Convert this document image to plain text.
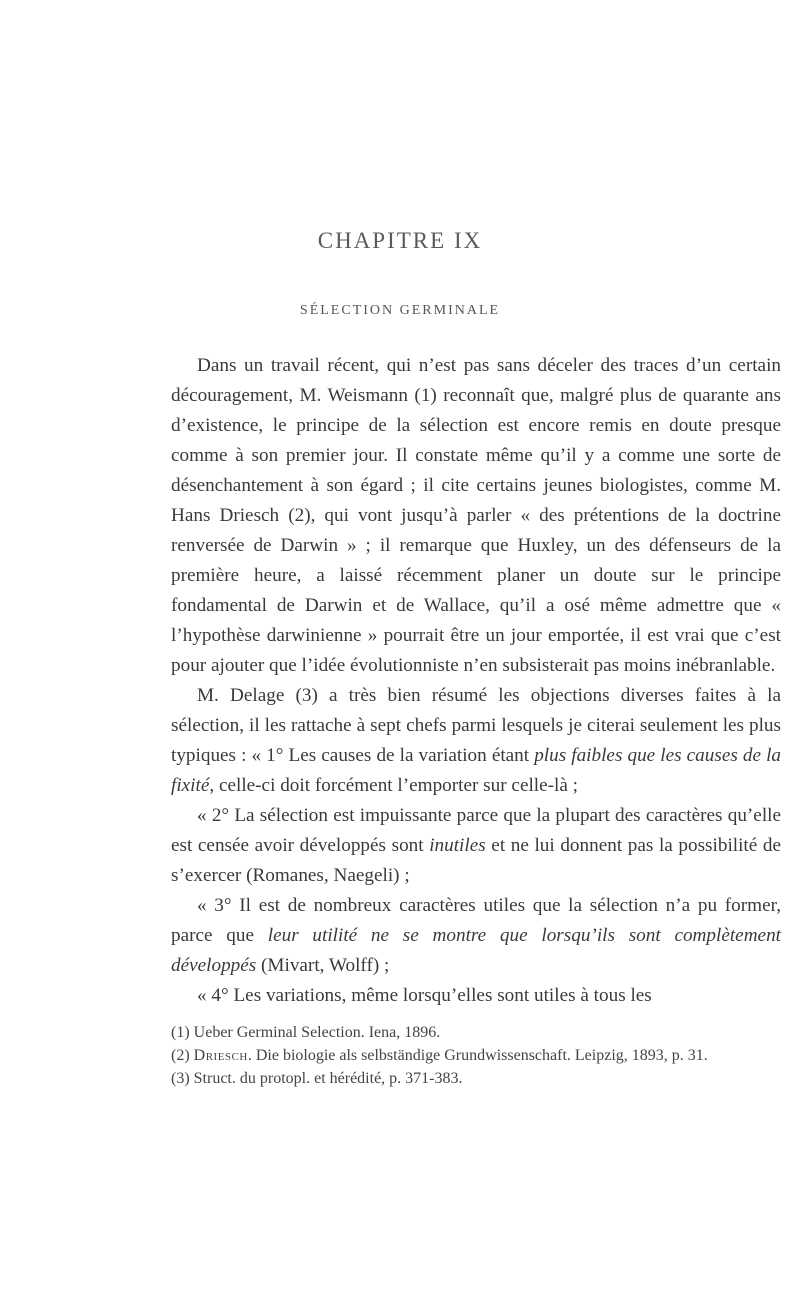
CHAPITRE IX
SÉLECTION GERMINALE

Dans un travail récent, qui n’est pas sans déceler des traces d’un certain découragement, M. Weismann (1) reconnaît que, malgré plus de quarante ans d’existence, le principe de la sélection est encore remis en doute presque comme à son premier jour. Il constate même qu’il y a comme une sorte de désenchantement à son égard ; il cite certains jeunes biologistes, comme M. Hans Driesch (2), qui vont jusqu’à parler « des prétentions de la doctrine renversée de Darwin » ; il remarque que Huxley, un des défenseurs de la première heure, a laissé récemment planer un doute sur le principe fondamental de Darwin et de Wallace, qu’il a osé même admettre que « l’hypothèse darwinienne » pourrait être un jour emportée, il est vrai que c’est pour ajouter que l’idée évolutionniste n’en subsisterait pas moins inébranlable.

M. Delage (3) a très bien résumé les objections diverses faites à la sélection, il les rattache à sept chefs parmi lesquels je citerai seulement les plus typiques : « 1° Les causes de la variation étant plus faibles que les causes de la fixité, celle-ci doit forcément l’emporter sur celle-là ;

« 2° La sélection est impuissante parce que la plupart des caractères qu’elle est censée avoir développés sont inutiles et ne lui donnent pas la possibilité de s’exercer (Romanes, Naegeli) ;

« 3° Il est de nombreux caractères utiles que la sélection n’a pu former, parce que leur utilité ne se montre que lorsqu’ils sont complètement développés (Mivart, Wolff) ;

« 4° Les variations, même lorsqu’elles sont utiles à tous les

(1) Ueber Germinal Selection. Iena, 1896.

(2) Driesch. Die biologie als selbständige Grundwissenschaft. Leipzig, 1893, p. 31.

(3) Struct. du protopl. et hérédité, p. 371-383.
